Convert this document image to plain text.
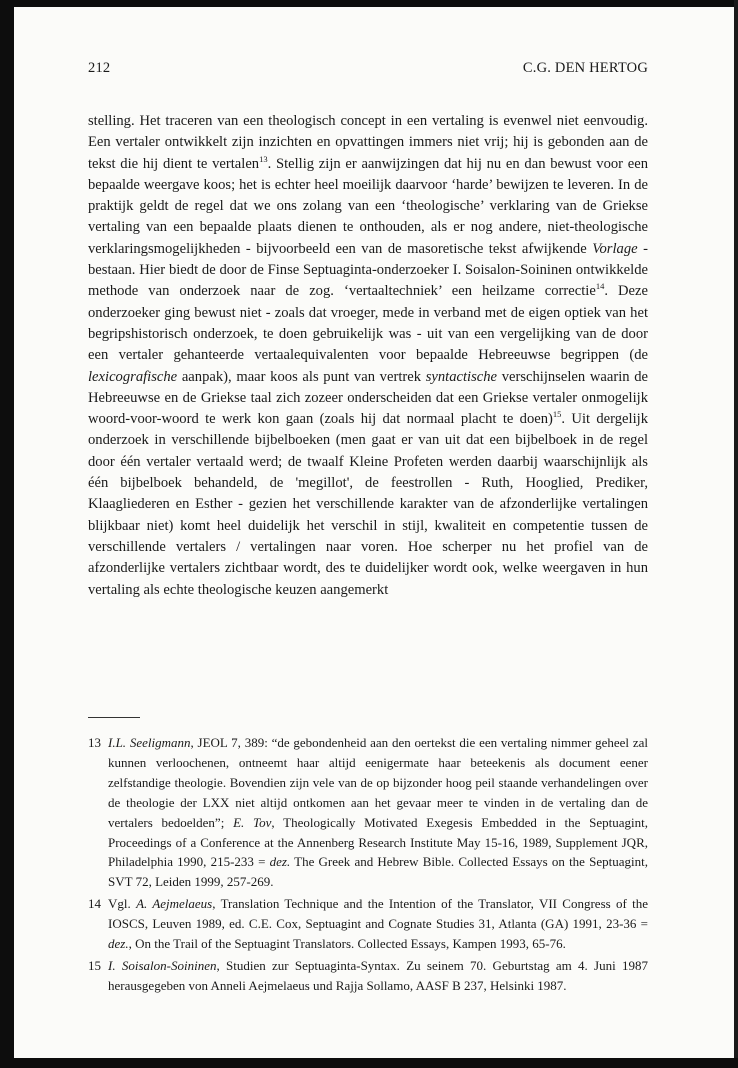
212	C.G. DEN HERTOG

stelling. Het traceren van een theologisch concept in een vertaling is evenwel niet eenvoudig. Een vertaler ontwikkelt zijn inzichten en opvattingen immers niet vrij; hij is gebonden aan de tekst die hij dient te vertalen$^{13}$. Stellig zijn er aanwijzingen dat hij nu en dan bewust voor een bepaalde weergave koos; het is echter heel moeilijk daarvoor ‘harde’ bewijzen te leveren. In de praktijk geldt de regel dat we ons zolang van een ‘theologische’ verklaring van de Griekse vertaling van een bepaalde plaats dienen te onthouden, als er nog andere, niet-theologische verklaringsmogelijkheden - bijvoorbeeld een van de masoretische tekst afwijkende Vorlage - bestaan. Hier biedt de door de Finse Septuaginta-onderzoeker I. Soisalon-Soininen ontwikkelde methode van onderzoek naar de zog. ‘vertaaltechniek’ een heilzame correctie$^{14}$. Deze onderzoeker ging bewust niet - zoals dat vroeger, mede in verband met de eigen optiek van het begripshistorisch onderzoek, te doen gebruikelijk was - uit van een vergelijking van de door een vertaler gehanteerde vertaalequivalenten voor bepaalde Hebreeuwse begrippen (de lexicografische aanpak), maar koos als punt van vertrek syntactische verschijnselen waarin de Hebreeuwse en de Griekse taal zich zozeer onderscheiden dat een Griekse vertaler onmogelijk woord-voor-woord te werk kon gaan (zoals hij dat normaal placht te doen)$^{15}$. Uit dergelijk onderzoek in verschillende bijbelboeken (men gaat er van uit dat een bijbelboek in de regel door één vertaler vertaald werd; de twaalf Kleine Profeten werden daarbij waarschijnlijk als één bijbelboek behandeld, de 'megillot', de feestrollen - Ruth, Hooglied, Prediker, Klaagliederen en Esther - gezien het verschillende karakter van de afzonderlijke vertalingen blijkbaar niet) komt heel duidelijk het verschil in stijl, kwaliteit en competentie tussen de verschillende vertalers / vertalingen naar voren. Hoe scherper nu het profiel van de afzonderlijke vertalers zichtbaar wordt, des te duidelijker wordt ook, welke weergaven in hun vertaling als echte theologische keuzen aangemerkt

13 I.L. Seeligmann, JEOL 7, 389: “de gebondenheid aan den oertekst die een vertaling nimmer geheel zal kunnen verloochenen, ontneemt haar altijd eenigermate haar beteekenis als document eener zelfstandige theologie. Bovendien zijn vele van de op bijzonder hoog peil staande verhandelingen over de theologie der LXX niet altijd ontkomen aan het gevaar meer te vinden in de vertaling dan de vertalers bedoelden”; E. Tov, Theologically Motivated Exegesis Embedded in the Septuagint, Proceedings of a Conference at the Annenberg Research Institute May 15-16, 1989, Supplement JQR, Philadelphia 1990, 215-233 = dez. The Greek and Hebrew Bible. Collected Essays on the Septuagint, SVT 72, Leiden 1999, 257-269.
14 Vgl. A. Aejmelaeus, Translation Technique and the Intention of the Translator, VII Congress of the IOSCS, Leuven 1989, ed. C.E. Cox, Septuagint and Cognate Studies 31, Atlanta (GA) 1991, 23-36 = dez., On the Trail of the Septuagint Translators. Collected Essays, Kampen 1993, 65-76.
15 I. Soisalon-Soininen, Studien zur Septuaginta-Syntax. Zu seinem 70. Geburtstag am 4. Juni 1987 herausgegeben von Anneli Aejmelaeus und Rajja Sollamo, AASF B 237, Helsinki 1987.
